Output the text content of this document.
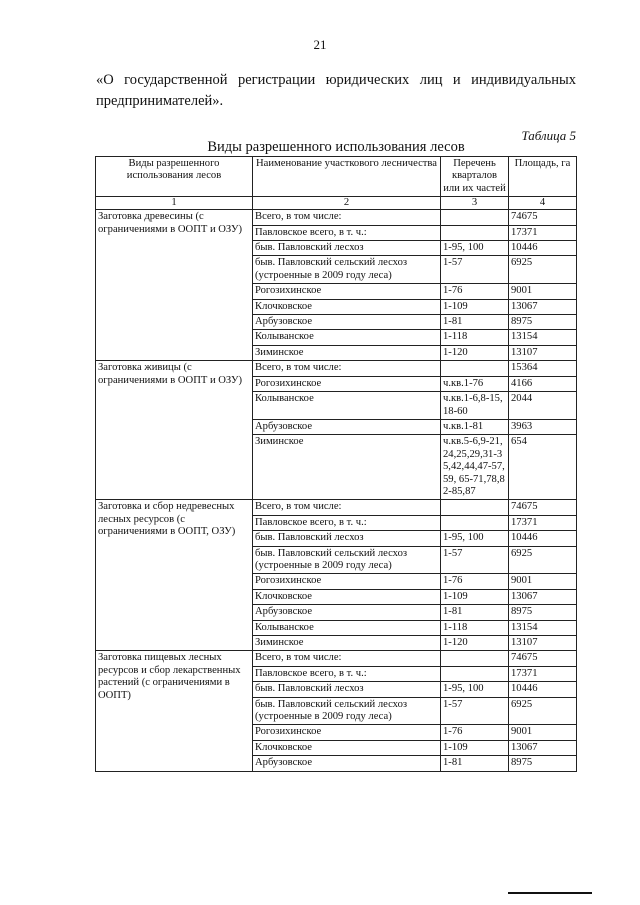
21
«О государственной регистрации юридических лиц и индивидуальных предпринимателей».
Таблица 5
Виды разрешенного использования лесов
Виды разрешенного использования лесов	Наименование участкового лесничества	Перечень кварталов или их частей	Площадь, га
1	2	3	4
Заготовка древесины (с ограничениями в ООПТ и ОЗУ)	Всего, в том числе:		74675
	Павловское всего, в т. ч.:		17371
	быв. Павловский лесхоз	1-95, 100	10446
	быв. Павловский сельский лесхоз (устроенные в 2009 году леса)	1-57	6925
	Рогозихинское	1-76	9001
	Клочковское	1-109	13067
	Арбузовское	1-81	8975
	Колыванское	1-118	13154
	Зиминское	1-120	13107
Заготовка живицы (с ограничениями в ООПТ и ОЗУ)	Всего, в том числе:		15364
	Рогозихинское	ч.кв.1-76	4166
	Колыванское	ч.кв.1-6,8-15,18-60	2044
	Арбузовское	ч.кв.1-81	3963
	Зиминское	ч.кв.5-6,9-21,24,25,29,31-35,42,44,47-57,59, 65-71,78,82-85,87	654
Заготовка и сбор недревесных лесных ресурсов (с ограничениями в ООПТ, ОЗУ)	Всего, в том числе:		74675
	Павловское всего, в т. ч.:		17371
	быв. Павловский лесхоз	1-95, 100	10446
	быв. Павловский сельский лесхоз (устроенные в 2009 году леса)	1-57	6925
	Рогозихинское	1-76	9001
	Клочковское	1-109	13067
	Арбузовское	1-81	8975
	Колыванское	1-118	13154
	Зиминское	1-120	13107
Заготовка пищевых лесных ресурсов и сбор лекарственных растений (с ограничениями в ООПТ)	Всего, в том числе:		74675
	Павловское всего, в т. ч.:		17371
	быв. Павловский лесхоз	1-95, 100	10446
	быв. Павловский сельский лесхоз (устроенные в 2009 году леса)	1-57	6925
	Рогозихинское	1-76	9001
	Клочковское	1-109	13067
	Арбузовское	1-81	8975
